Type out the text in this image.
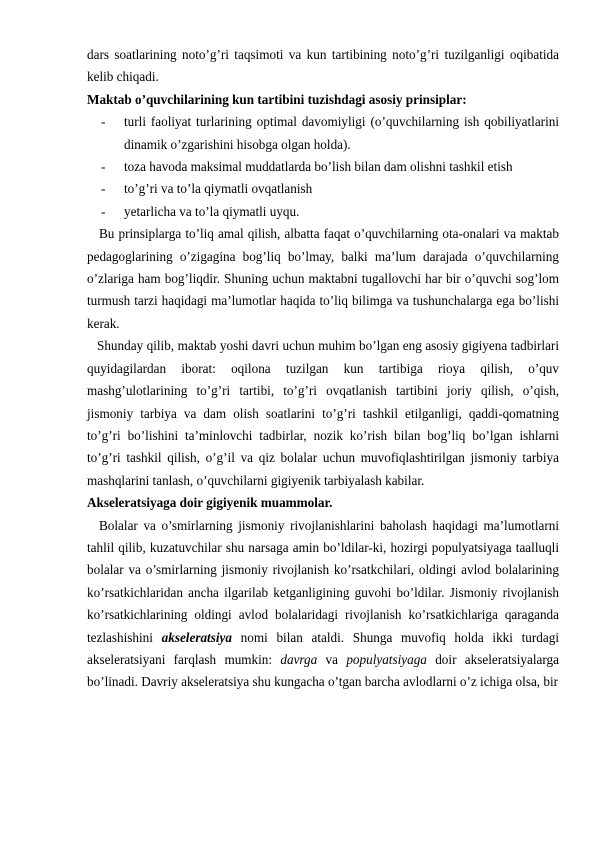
dars soatlarining noto’g’ri taqsimoti va kun tartibining noto’g’ri tuzilganligi oqibatida kelib chiqadi.

Maktab o’quvchilarining kun tartibini tuzishdagi asosiy prinsiplar:

- turli faoliyat turlarining optimal davomiyligi (o’quvchilarning ish qobiliyatlarini dinamik o’zgarishini hisobga olgan holda).
- toza havoda maksimal muddatlarda bo’lish bilan dam olishni tashkil etish
- to’g’ri va to’la qiymatli ovqatlanish
- yetarlicha va to’la qiymatli uyqu.

Bu prinsiplarga to’liq amal qilish, albatta faqat o’quvchilarning ota-onalari va maktab pedagoglarining o’zigagina bog’liq bo’lmay, balki ma’lum darajada o’quvchilarning o’zlariga ham bog’liqdir. Shuning uchun maktabni tugallovchi har bir o’quvchi sog’lom turmush tarzi haqidagi ma’lumotlar haqida to’liq bilimga va tushunchalarga ega bo’lishi kerak.

Shunday qilib, maktab yoshi davri uchun muhim bo’lgan eng asosiy gigiyena tadbirlari quyidagilardan iborat: oqilona tuzilgan kun tartibiga rioya qilish, o’quv mashg’ulotlarining to’g’ri tartibi, to’g’ri ovqatlanish tartibini joriy qilish, o’qish, jismoniy tarbiya va dam olish soatlarini to’g’ri tashkil etilganligi, qaddi-qomatning to’g’ri bo’lishini ta’minlovchi tadbirlar, nozik ko’rish bilan bog’liq bo’lgan ishlarni to’g’ri tashkil qilish, o’g’il va qiz bolalar uchun muvofiqlashtirilgan jismoniy tarbiya mashqlarini tanlash, o’quvchilarni gigiyenik tarbiyalash kabilar.

Akseleratsiyaga doir gigiyenik muammolar.

Bolalar va o’smirlarning jismoniy rivojlanishlarini baholash haqidagi ma’lumotlarni tahlil qilib, kuzatuvchilar shu narsaga amin bo’ldilar-ki, hozirgi populyatsiyaga taalluqli bolalar va o’smirlarning jismoniy rivojlanish ko’rsatkchilari, oldingi avlod bolalarining ko’rsatkichlaridan ancha ilgarilab ketganligining guvohi bo’ldilar. Jismoniy rivojlanish ko’rsatkichlarining oldingi avlod bolalaridagi rivojlanish ko’rsatkichlariga qaraganda tezlashishini akseleratsiya nomi bilan ataldi. Shunga muvofiq holda ikki turdagi akseleratsiyani farqlash mumkin: davrga va populyatsiyaga doir akseleratsiyalarga bo’linadi. Davriy akseleratsiya shu kungacha o’tgan barcha avlodlarni o’z ichiga olsa, bir
